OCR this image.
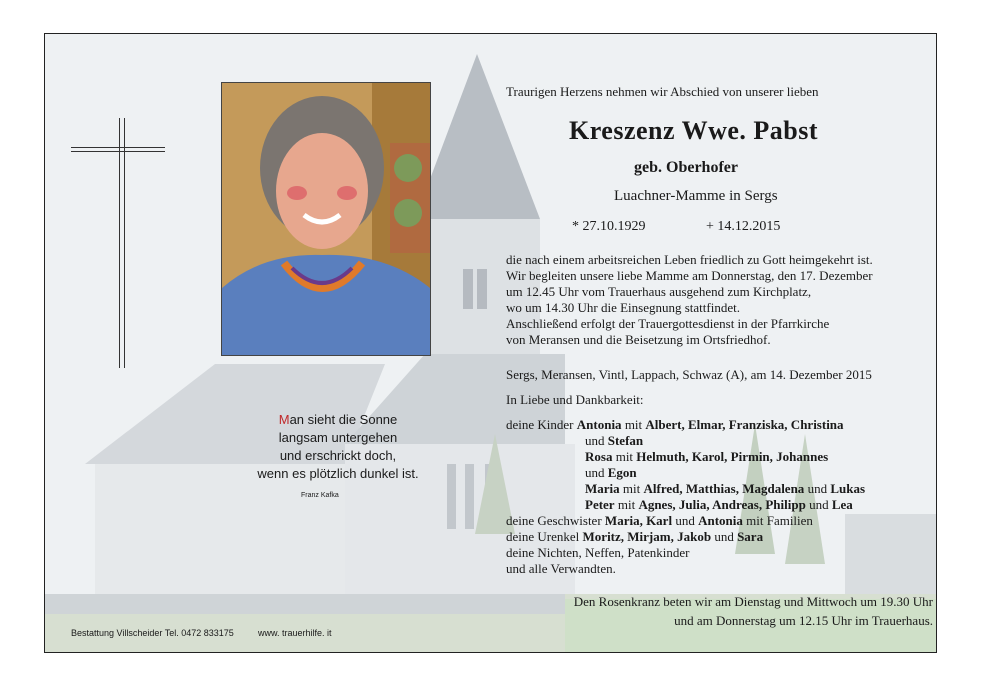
Traurigen Herzens nehmen wir Abschied von unserer lieben
Kreszenz Wwe. Pabst
geb. Oberhofer
Luachner-Mamme in Sergs
* 27.10.1929	+ 14.12.2015
die nach einem arbeitsreichen Leben friedlich zu Gott heimgekehrt ist.
Wir begleiten unsere liebe Mamme am Donnerstag, den 17. Dezember
um 12.45 Uhr vom Trauerhaus ausgehend zum Kirchplatz,
wo um 14.30 Uhr die Einsegnung stattfindet.
Anschließend erfolgt der Trauergottesdienst in der Pfarrkirche
von Meransen und die Beisetzung im Ortsfriedhof.
Sergs, Meransen, Vintl, Lappach, Schwaz (A), am 14. Dezember 2015
In Liebe und Dankbarkeit:
deine Kinder Antonia mit Albert, Elmar, Franziska, Christina
und Stefan
Rosa mit Helmuth, Karol, Pirmin, Johannes
und Egon
Maria mit Alfred, Matthias, Magdalena und Lukas
Peter mit Agnes, Julia, Andreas, Philipp und Lea
deine Geschwister Maria, Karl und Antonia mit Familien
deine Urenkel Moritz, Mirjam, Jakob und Sara
deine Nichten, Neffen, Patenkinder
und alle Verwandten.
Den Rosenkranz beten wir am Dienstag und Mittwoch um 19.30 Uhr
und am Donnerstag um 12.15 Uhr im Trauerhaus.
Man sieht die Sonne
langsam untergehen
und erschrickt doch,
wenn es plötzlich dunkel ist.
Franz Kafka
Bestattung Villscheider Tel. 0472 833175	www. trauerhilfe. it
